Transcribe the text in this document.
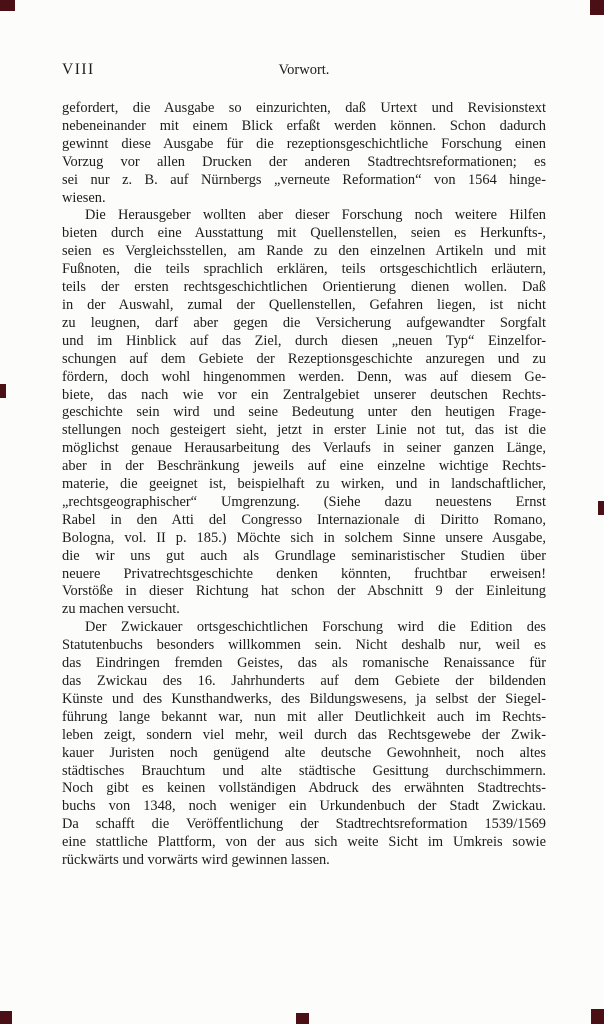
VIII	Vorwort.
gefordert, die Ausgabe so einzurichten, daß Urtext und Revisionstext
nebeneinander mit einem Blick erfaßt werden können. Schon dadurch
gewinnt diese Ausgabe für die rezeptionsgeschichtliche Forschung einen
Vorzug vor allen Drucken der anderen Stadtrechtsreformationen; es
sei nur z. B. auf Nürnbergs „verneute Reformation“ von 1564 hinge-
wiesen.
Die Herausgeber wollten aber dieser Forschung noch weitere Hilfen
bieten durch eine Ausstattung mit Quellenstellen, seien es Herkunfts-,
seien es Vergleichsstellen, am Rande zu den einzelnen Artikeln und mit
Fußnoten, die teils sprachlich erklären, teils ortsgeschichtlich erläutern,
teils der ersten rechtsgeschichtlichen Orientierung dienen wollen. Daß
in der Auswahl, zumal der Quellenstellen, Gefahren liegen, ist nicht
zu leugnen, darf aber gegen die Versicherung aufgewandter Sorgfalt
und im Hinblick auf das Ziel, durch diesen „neuen Typ“ Einzelfor-
schungen auf dem Gebiete der Rezeptionsgeschichte anzuregen und zu
fördern, doch wohl hingenommen werden. Denn, was auf diesem Ge-
biete, das nach wie vor ein Zentralgebiet unserer deutschen Rechts-
geschichte sein wird und seine Bedeutung unter den heutigen Frage-
stellungen noch gesteigert sieht, jetzt in erster Linie not tut, das ist die
möglichst genaue Herausarbeitung des Verlaufs in seiner ganzen Länge,
aber in der Beschränkung jeweils auf eine einzelne wichtige Rechts-
materie, die geeignet ist, beispielhaft zu wirken, und in landschaftlicher,
„rechtsgeographischer“ Umgrenzung. (Siehe dazu neuestens Ernst
Rabel in den Atti del Congresso Internazionale di Diritto Romano,
Bologna, vol. II p. 185.) Möchte sich in solchem Sinne unsere Ausgabe,
die wir uns gut auch als Grundlage seminaristischer Studien über
neuere Privatrechtsgeschichte denken könnten, fruchtbar erweisen!
Vorstöße in dieser Richtung hat schon der Abschnitt 9 der Einleitung
zu machen versucht.
Der Zwickauer ortsgeschichtlichen Forschung wird die Edition des
Statutenbuchs besonders willkommen sein. Nicht deshalb nur, weil es
das Eindringen fremden Geistes, das als romanische Renaissance für
das Zwickau des 16. Jahrhunderts auf dem Gebiete der bildenden
Künste und des Kunsthandwerks, des Bildungswesens, ja selbst der Siegel-
führung lange bekannt war, nun mit aller Deutlichkeit auch im Rechts-
leben zeigt, sondern viel mehr, weil durch das Rechtsgewebe der Zwik-
kauer Juristen noch genügend alte deutsche Gewohnheit, noch altes
städtisches Brauchtum und alte städtische Gesittung durchschimmern.
Noch gibt es keinen vollständigen Abdruck des erwähnten Stadtrechts-
buchs von 1348, noch weniger ein Urkundenbuch der Stadt Zwickau.
Da schafft die Veröffentlichung der Stadtrechtsreformation 1539/1569
eine stattliche Plattform, von der aus sich weite Sicht im Umkreis sowie
rückwärts und vorwärts wird gewinnen lassen.
